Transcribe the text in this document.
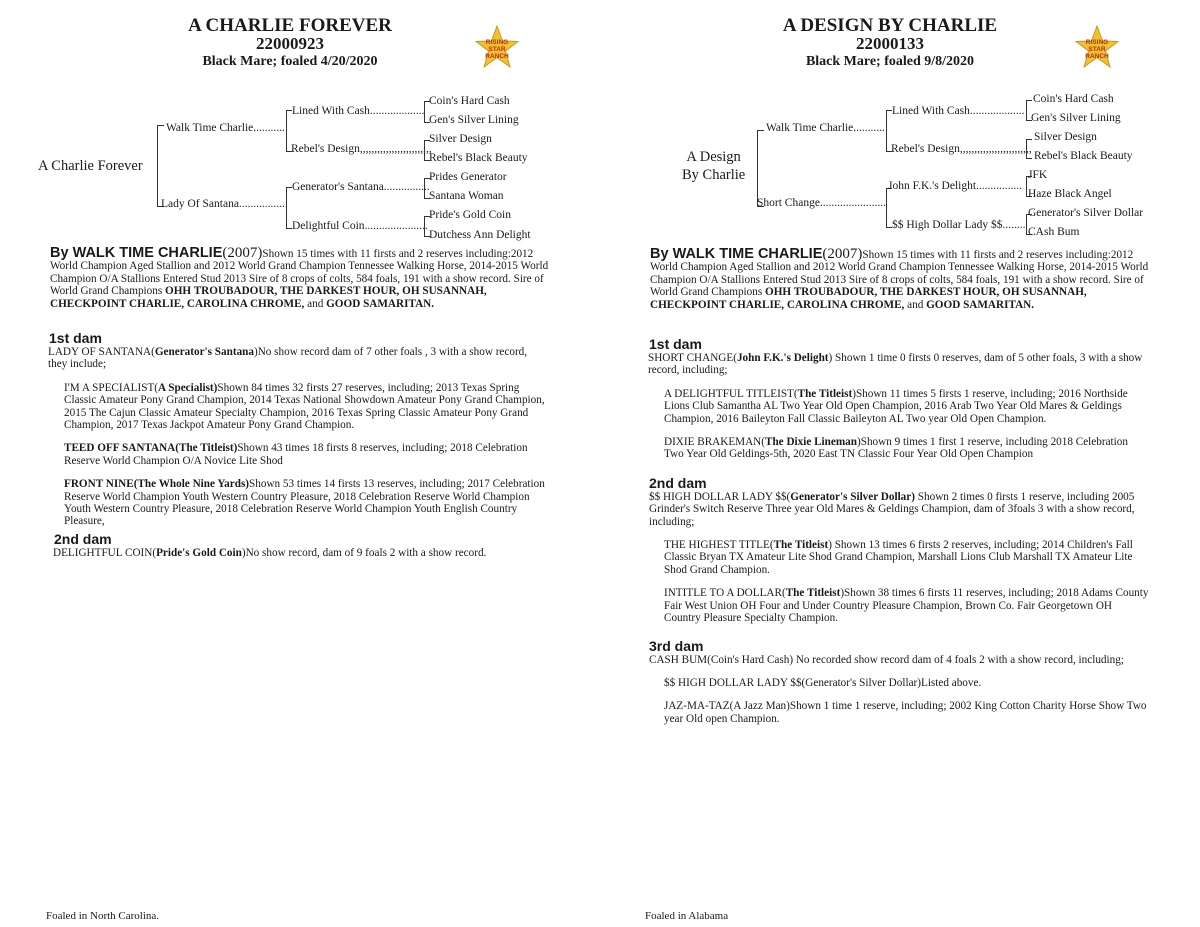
A CHARLIE FOREVER
22000923
Black Mare; foaled 4/20/2020
RISING
STAR
RANCH
A Charlie Forever
Walk Time Charlie...........
Lady Of Santana.................
Lined With Cash...................
Rebel's Design,,,,,,,,,,,,,,,,,,,,,,,,,
Generator's Santana................
Delightful Coin......................
Coin's Hard Cash
Gen's Silver Lining
Silver Design
Rebel's Black Beauty
Prides Generator
Santana Woman
Pride's Gold Coin
Dutchess Ann Delight

By WALK TIME CHARLIE(2007)Shown 15 times with 11 firsts and 2 reserves including:2012 World Champion Aged Stallion and 2012 World Grand Champion Tennessee Walking Horse, 2014-2015 World Champion O/A Stallions Entered Stud 2013 Sire of 8 crops of colts, 584 foals, 191 with a show record. Sire of World Grand Champions OHH TROUBADOUR, THE DARKEST HOUR, OH SUSANNAH, CHECKPOINT CHARLIE, CAROLINA CHROME, and GOOD SAMARITAN.

1st dam

LADY OF SANTANA(Generator's Santana)No show record dam of 7 other foals , 3 with a show record, they include;

I'M A SPECIALIST(A Specialist)Shown 84 times 32 firsts 27 reserves, including; 2013 Texas Spring Classic Amateur Pony Grand Champion, 2014 Texas National Showdown Amateur Pony Grand Champion, 2015 The Cajun Classic Amateur Specialty Champion, 2016 Texas Spring Classic Amateur Pony Grand Champion, 2017 Texas Jackpot Amateur Pony Grand Champion.

TEED OFF SANTANA(The Titleist)Shown 43 times 18 firsts 8 reserves, including; 2018 Celebration Reserve World Champion O/A Novice Lite Shod

FRONT NINE(The Whole Nine Yards)Shown 53 times 14 firsts 13 reserves, including; 2017 Celebration Reserve World Champion Youth Western Country Pleasure, 2018 Celebration Reserve World Champion Youth Western Country Pleasure, 2018 Celebration Reserve World Champion Youth English Country Pleasure,

2nd dam

DELIGHTFUL COIN(Pride's Gold Coin)No show record, dam of 9 foals 2 with a show record.

Foaled in North Carolina.
A DESIGN BY CHARLIE
22000133
Black Mare; foaled 9/8/2020
RISING
STAR
RANCH
A Design
By Charlie
Walk Time Charlie...........
Short Change.......................
Lined With Cash...................
Rebel's Design,,,,,,,,,,,,,,,,,,,,,,,,,
John F.K.'s Delight................
$$ High Dollar Lady $$........
Coin's Hard Cash
Gen's Silver Lining
Silver Design
Rebel's Black Beauty
JFK
Haze Black Angel
Generator's Silver Dollar
CAsh Bum

By WALK TIME CHARLIE(2007)Shown 15 times with 11 firsts and 2 reserves including:2012 World Champion Aged Stallion and 2012 World Grand Champion Tennessee Walking Horse, 2014-2015 World Champion O/A Stallions Entered Stud 2013 Sire of 8 crops of colts, 584 foals, 191 with a show record. Sire of World Grand Champions OHH TROUBADOUR, THE DARKEST HOUR, OH SUSANNAH, CHECKPOINT CHARLIE, CAROLINA CHROME, and GOOD SAMARITAN.

1st dam

SHORT CHANGE(John F.K.'s Delight) Shown 1 time 0 firsts 0 reserves, dam of 5 other foals, 3 with a show record, including;

A DELIGHTFUL TITLEIST(The Titleist)Shown 11 times 5 firsts 1 reserve, including; 2016 Northside Lions Club Samantha AL Two Year Old Open Champion, 2016 Arab Two Year Old Mares & Geldings Champion, 2016 Baileyton Fall Classic Baileyton AL Two year Old Open Champion.

DIXIE BRAKEMAN(The Dixie Lineman)Shown 9 times 1 first 1 reserve, including 2018 Celebration Two Year Old Geldings-5th, 2020 East TN Classic Four Year Old Open Champion

2nd dam

$$ HIGH DOLLAR LADY $$(Generator's Silver Dollar) Shown 2 times 0 firsts 1 reserve, including 2005 Grinder's Switch Reserve Three year Old Mares & Geldings Champion, dam of 3foals 3 with a show record, including;

THE HIGHEST TITLE(The Titleist) Shown 13 times 6 firsts 2 reserves, including; 2014 Children's Fall Classic Bryan TX Amateur Lite Shod Grand Champion, Marshall Lions Club Marshall TX Amateur Lite Shod Grand Champion.

INTITLE TO A DOLLAR(The Titleist)Shown 38 times 6 firsts 11 reserves, including; 2018 Adams County Fair West Union OH Four and Under Country Pleasure Champion, Brown Co. Fair Georgetown OH Country Pleasure Specialty Champion.

3rd dam

CASH BUM(Coin's Hard Cash) No recorded show record dam of 4 foals 2 with a show record, including;

$$ HIGH DOLLAR LADY $$(Generator's Silver Dollar)Listed above.

JAZ-MA-TAZ(A Jazz Man)Shown 1 time 1 reserve, including; 2002 King Cotton Charity Horse Show Two year Old open Champion.

Foaled in Alabama
